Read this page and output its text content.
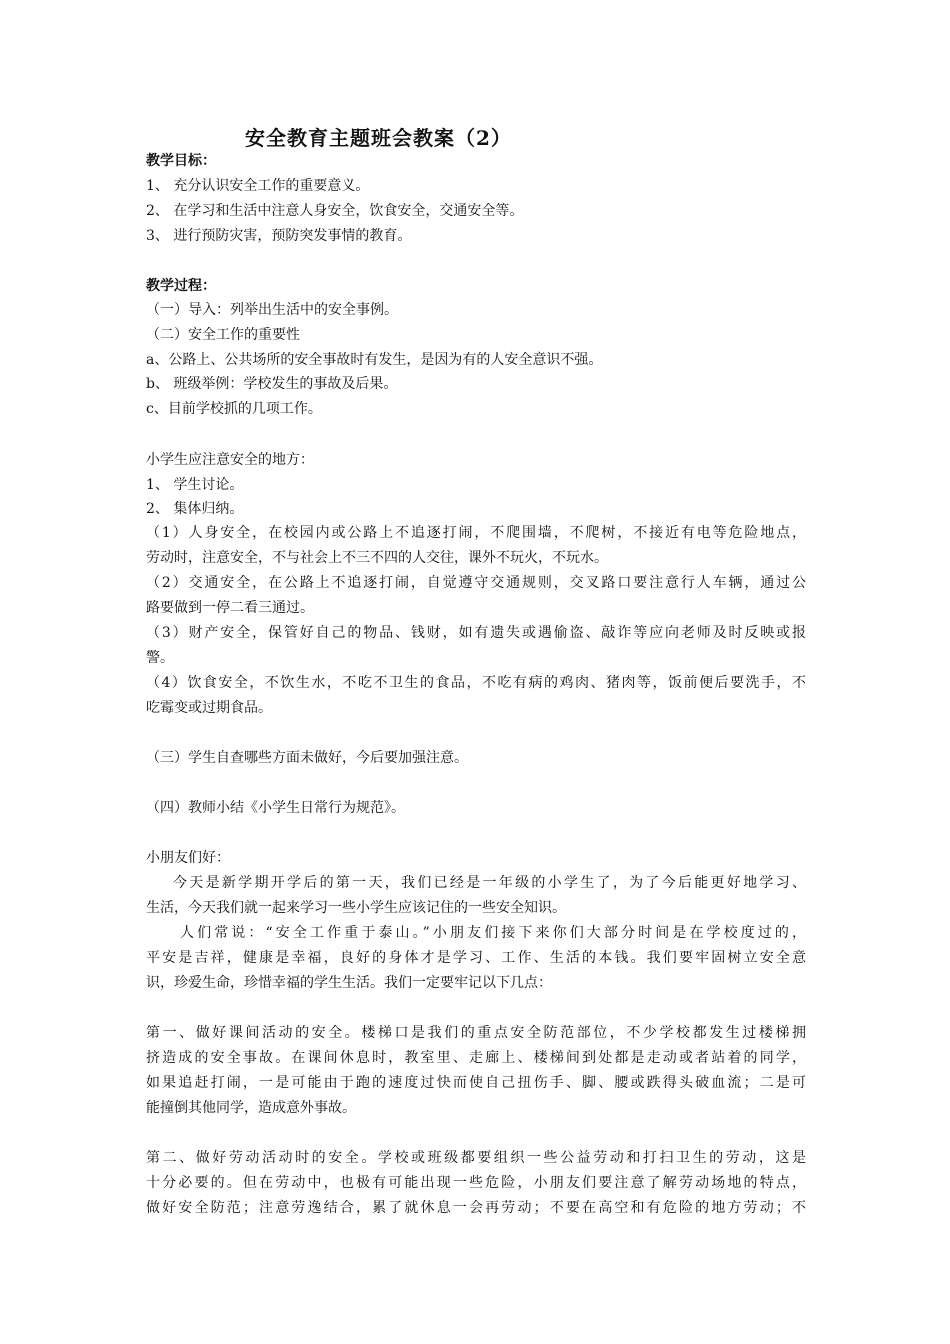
安全教育主题班会教案（2）
教学目标：
1、 充分认识安全工作的重要意义。
2、 在学习和生活中注意人身安全，饮食安全，交通安全等。
3、 进行预防灾害，预防突发事情的教育。
教学过程：
（一）导入：列举出生活中的安全事例。
（二）安全工作的重要性
a、公路上、公共场所的安全事故时有发生，是因为有的人安全意识不强。
b、 班级举例：学校发生的事故及后果。
c、目前学校抓的几项工作。
小学生应注意安全的地方：
1、 学生讨论。
2、 集体归纳。
（1）人身安全，在校园内或公路上不追逐打闹，不爬围墙，不爬树，不接近有电等危险地点，
劳动时，注意安全，不与社会上不三不四的人交往，课外不玩火，不玩水。
（2）交通安全，在公路上不追逐打闹，自觉遵守交通规则，交叉路口要注意行人车辆，通过公
路要做到一停二看三通过。
（3）财产安全，保管好自己的物品、钱财，如有遗失或遇偷盗、敲诈等应向老师及时反映或报
警。
（4）饮食安全，不饮生水，不吃不卫生的食品，不吃有病的鸡肉、猪肉等，饭前便后要洗手，不
吃霉变或过期食品。
（三）学生自查哪些方面未做好，今后要加强注意。
（四）教师小结《小学生日常行为规范》。
小朋友们好：
今天是新学期开学后的第一天，我们已经是一年级的小学生了，为了今后能更好地学习、
生活，今天我们就一起来学习一些小学生应该记住的一些安全知识。
人们常说：“安全工作重于泰山。”小朋友们接下来你们大部分时间是在学校度过的，
平安是吉祥，健康是幸福，良好的身体才是学习、工作、生活的本钱。我们要牢固树立安全意
识，珍爱生命，珍惜幸福的学生生活。我们一定要牢记以下几点：
第一、做好课间活动的安全。楼梯口是我们的重点安全防范部位，不少学校都发生过楼梯拥
挤造成的安全事故。在课间休息时，教室里、走廊上、楼梯间到处都是走动或者站着的同学，
如果追赶打闹，一是可能由于跑的速度过快而使自己扭伤手、脚、腰或跌得头破血流；二是可
能撞倒其他同学，造成意外事故。
第二、做好劳动活动时的安全。学校或班级都要组织一些公益劳动和打扫卫生的劳动，这是
十分必要的。但在劳动中，也极有可能出现一些危险，小朋友们要注意了解劳动场地的特点，
做好安全防范；注意劳逸结合，累了就休息一会再劳动；不要在高空和有危险的地方劳动；不
